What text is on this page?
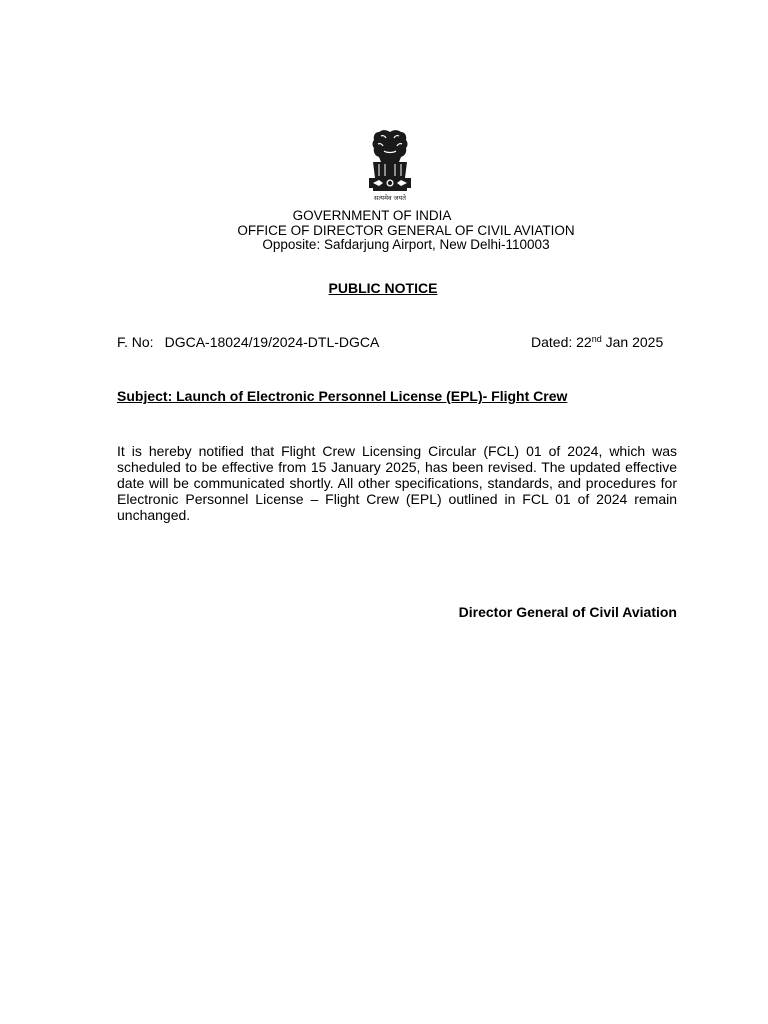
सत्यमेव जयते
GOVERNMENT OF INDIA
OFFICE OF DIRECTOR GENERAL OF CIVIL AVIATION
Opposite: Safdarjung Airport, New Delhi-110003
PUBLIC NOTICE
F. No: DGCA-18024/19/2024-DTL-DGCA	Dated: 22nd Jan 2025
Subject: Launch of Electronic Personnel License (EPL)- Flight Crew

It is hereby notified that Flight Crew Licensing Circular (FCL) 01 of 2024, which was scheduled to be effective from 15 January 2025, has been revised. The updated effective date will be communicated shortly. All other specifications, standards, and procedures for Electronic Personnel License – Flight Crew (EPL) outlined in FCL 01 of 2024 remain unchanged.

Director General of Civil Aviation
